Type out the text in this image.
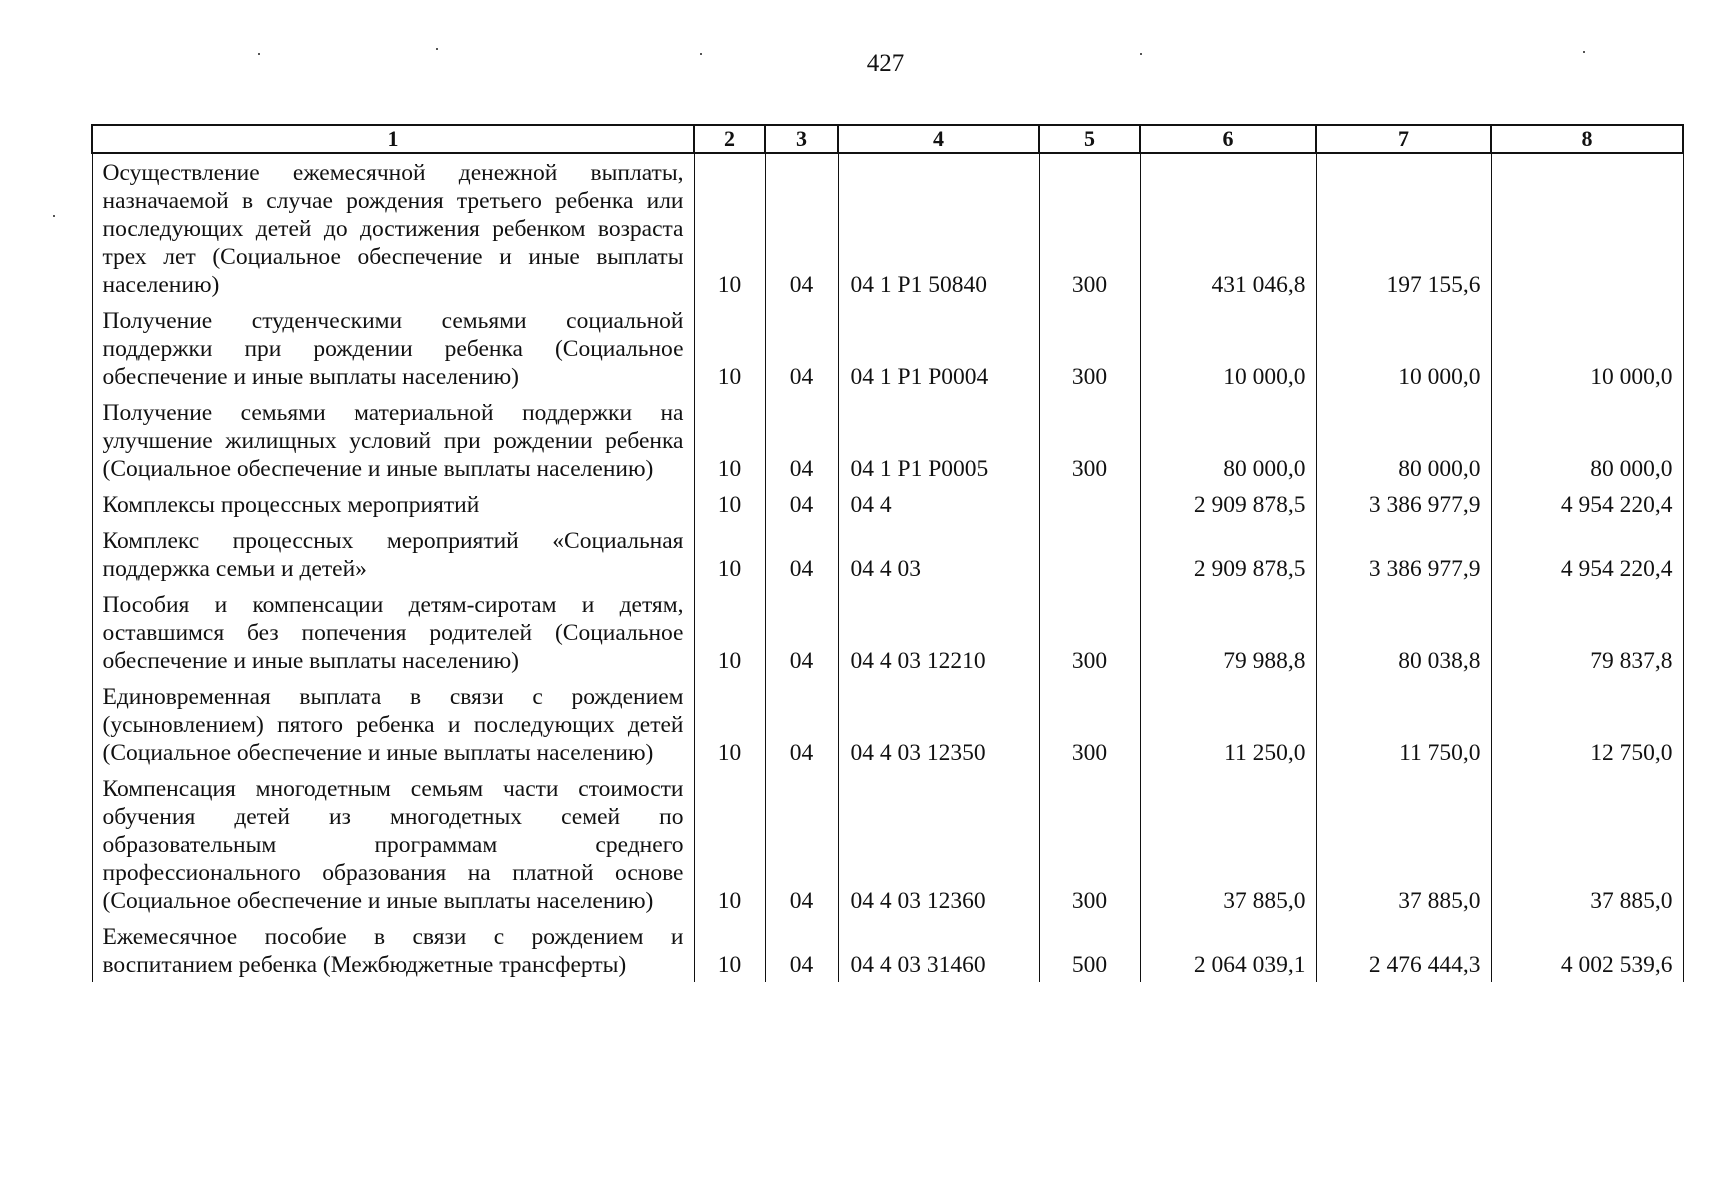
427
1	2	3	4	5	6	7	8
Осуществление ежемесячной денежной выплаты, назначаемой в случае рождения третьего ребенка или последующих детей до достижения ребенком возраста трех лет (Социальное обеспечение и иные выплаты населению)	10	04	04 1 P1 50840	300	431 046,8	197 155,6	
Получение студенческими семьями социальной поддержки при рождении ребенка (Социальное обеспечение и иные выплаты населению)	10	04	04 1 P1 P0004	300	10 000,0	10 000,0	10 000,0
Получение семьями материальной поддержки на улучшение жилищных условий при рождении ребенка (Социальное обеспечение и иные выплаты населению)	10	04	04 1 P1 P0005	300	80 000,0	80 000,0	80 000,0
Комплексы процессных мероприятий	10	04	04 4		2 909 878,5	3 386 977,9	4 954 220,4
Комплекс процессных мероприятий «Социальная поддержка семьи и детей»	10	04	04 4 03		2 909 878,5	3 386 977,9	4 954 220,4
Пособия и компенсации детям-сиротам и детям, оставшимся без попечения родителей (Социальное обеспечение и иные выплаты населению)	10	04	04 4 03 12210	300	79 988,8	80 038,8	79 837,8
Единовременная выплата в связи с рождением (усыновлением) пятого ребенка и последующих детей (Социальное обеспечение и иные выплаты населению)	10	04	04 4 03 12350	300	11 250,0	11 750,0	12 750,0
Компенсация многодетным семьям части стоимости обучения детей из многодетных семей по образовательным программам среднего профессионального образования на платной основе (Социальное обеспечение и иные выплаты населению)	10	04	04 4 03 12360	300	37 885,0	37 885,0	37 885,0
Ежемесячное пособие в связи с рождением и воспитанием ребенка (Межбюджетные трансферты)	10	04	04 4 03 31460	500	2 064 039,1	2 476 444,3	4 002 539,6
